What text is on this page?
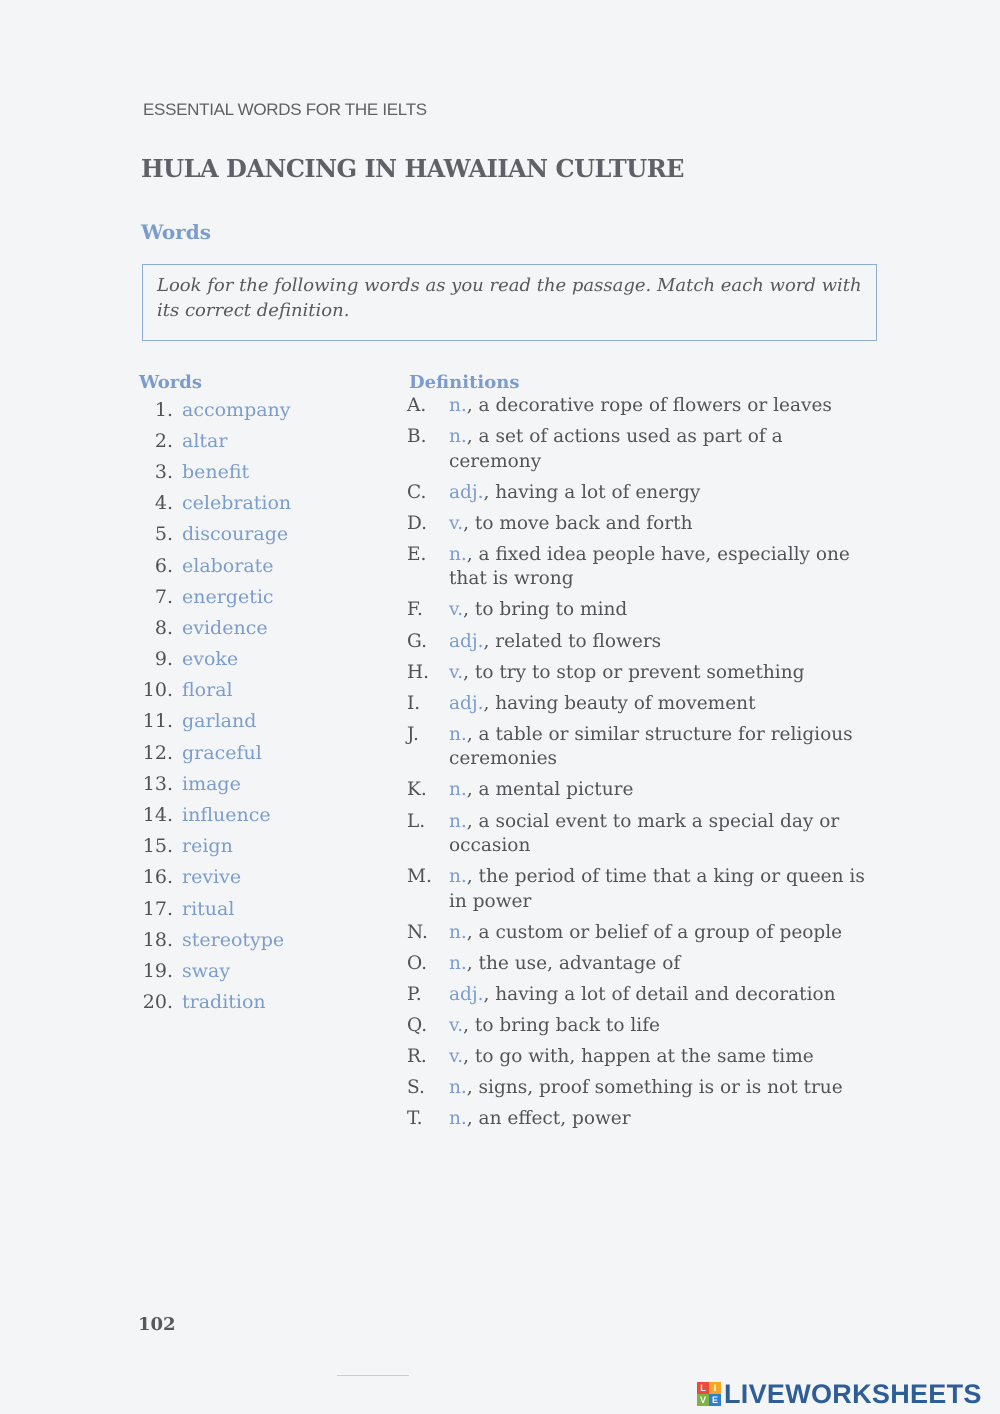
ESSENTIAL WORDS FOR THE IELTS
HULA DANCING IN HAWAIIAN CULTURE
Words
Look for the following words as you read the passage. Match each word with its correct definition.
Words	Definitions
1. accompany
2. altar
3. benefit
4. celebration
5. discourage
6. elaborate
7. energetic
8. evidence
9. evoke
10. floral
11. garland
12. graceful
13. image
14. influence
15. reign
16. revive
17. ritual
18. stereotype
19. sway
20. tradition
A.	n., a decorative rope of flowers or leaves
B.	n., a set of actions used as part of a ceremony
C.	adj., having a lot of energy
D.	v., to move back and forth
E.	n., a fixed idea people have, especially one that is wrong
F.	v., to bring to mind
G.	adj., related to flowers
H.	v., to try to stop or prevent something
I.	adj., having beauty of movement
J.	n., a table or similar structure for religious ceremonies
K.	n., a mental picture
L.	n., a social event to mark a special day or occasion
M. n., the period of time that a king or queen is in power
N.	n., a custom or belief of a group of people
O.	n., the use, advantage of
P.	adj., having a lot of detail and decoration
Q.	v., to bring back to life
R.	v., to go with, happen at the same time
S.	n., signs, proof something is or is not true
T.	n., an effect, power
102
L I
V E LIVEWORKSHEETS
